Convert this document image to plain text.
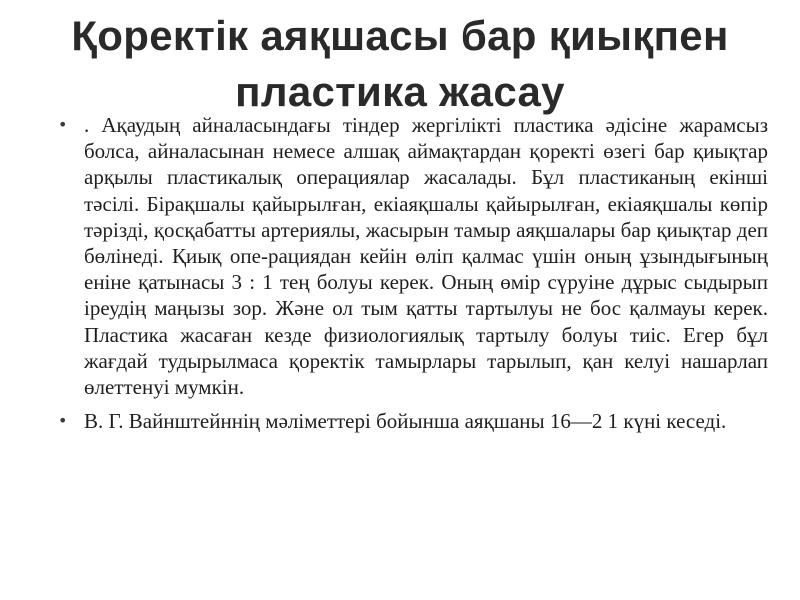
Қоректік аяқшасы бар қиықпен пластика жасау
• . Ақаудың айналасындағы тіндер жергілікті пластика әдісіне жарамсыз болса, айналасынан немесе алшақ аймақтардан қоректі өзегі бар қиықтар арқылы пластикалық операциялар жасалады. Бұл пластиканың екінші тәсілі. Бірақшалы қайырылған, екіаяқшалы қайырылған, екіаяқшалы көпір тәрізді, қосқабатты артериялы, жасырын тамыр аяқшалары бар қиықтар деп бөлінеді. Қиық опе-рациядан кейін өліп қалмас үшін оның ұзындығының еніне қатынасы 3 : 1 тең болуы керек. Оның өмір сүруіне дұрыс сыдырып іреудің маңызы зор. Және ол тым қатты тартылуы не бос қалмауы керек. Пластика жасаған кезде физиологиялық тартылу болуы тиіс. Егер бұл жағдай тудырылмаса қоректік тамырлары тарылып, қан келуі нашарлап өлеттенуі мумкін.
• В. Г. Вайнштейннің мәліметтері бойынша аяқшаны 16—2 1 күні кеседі.
